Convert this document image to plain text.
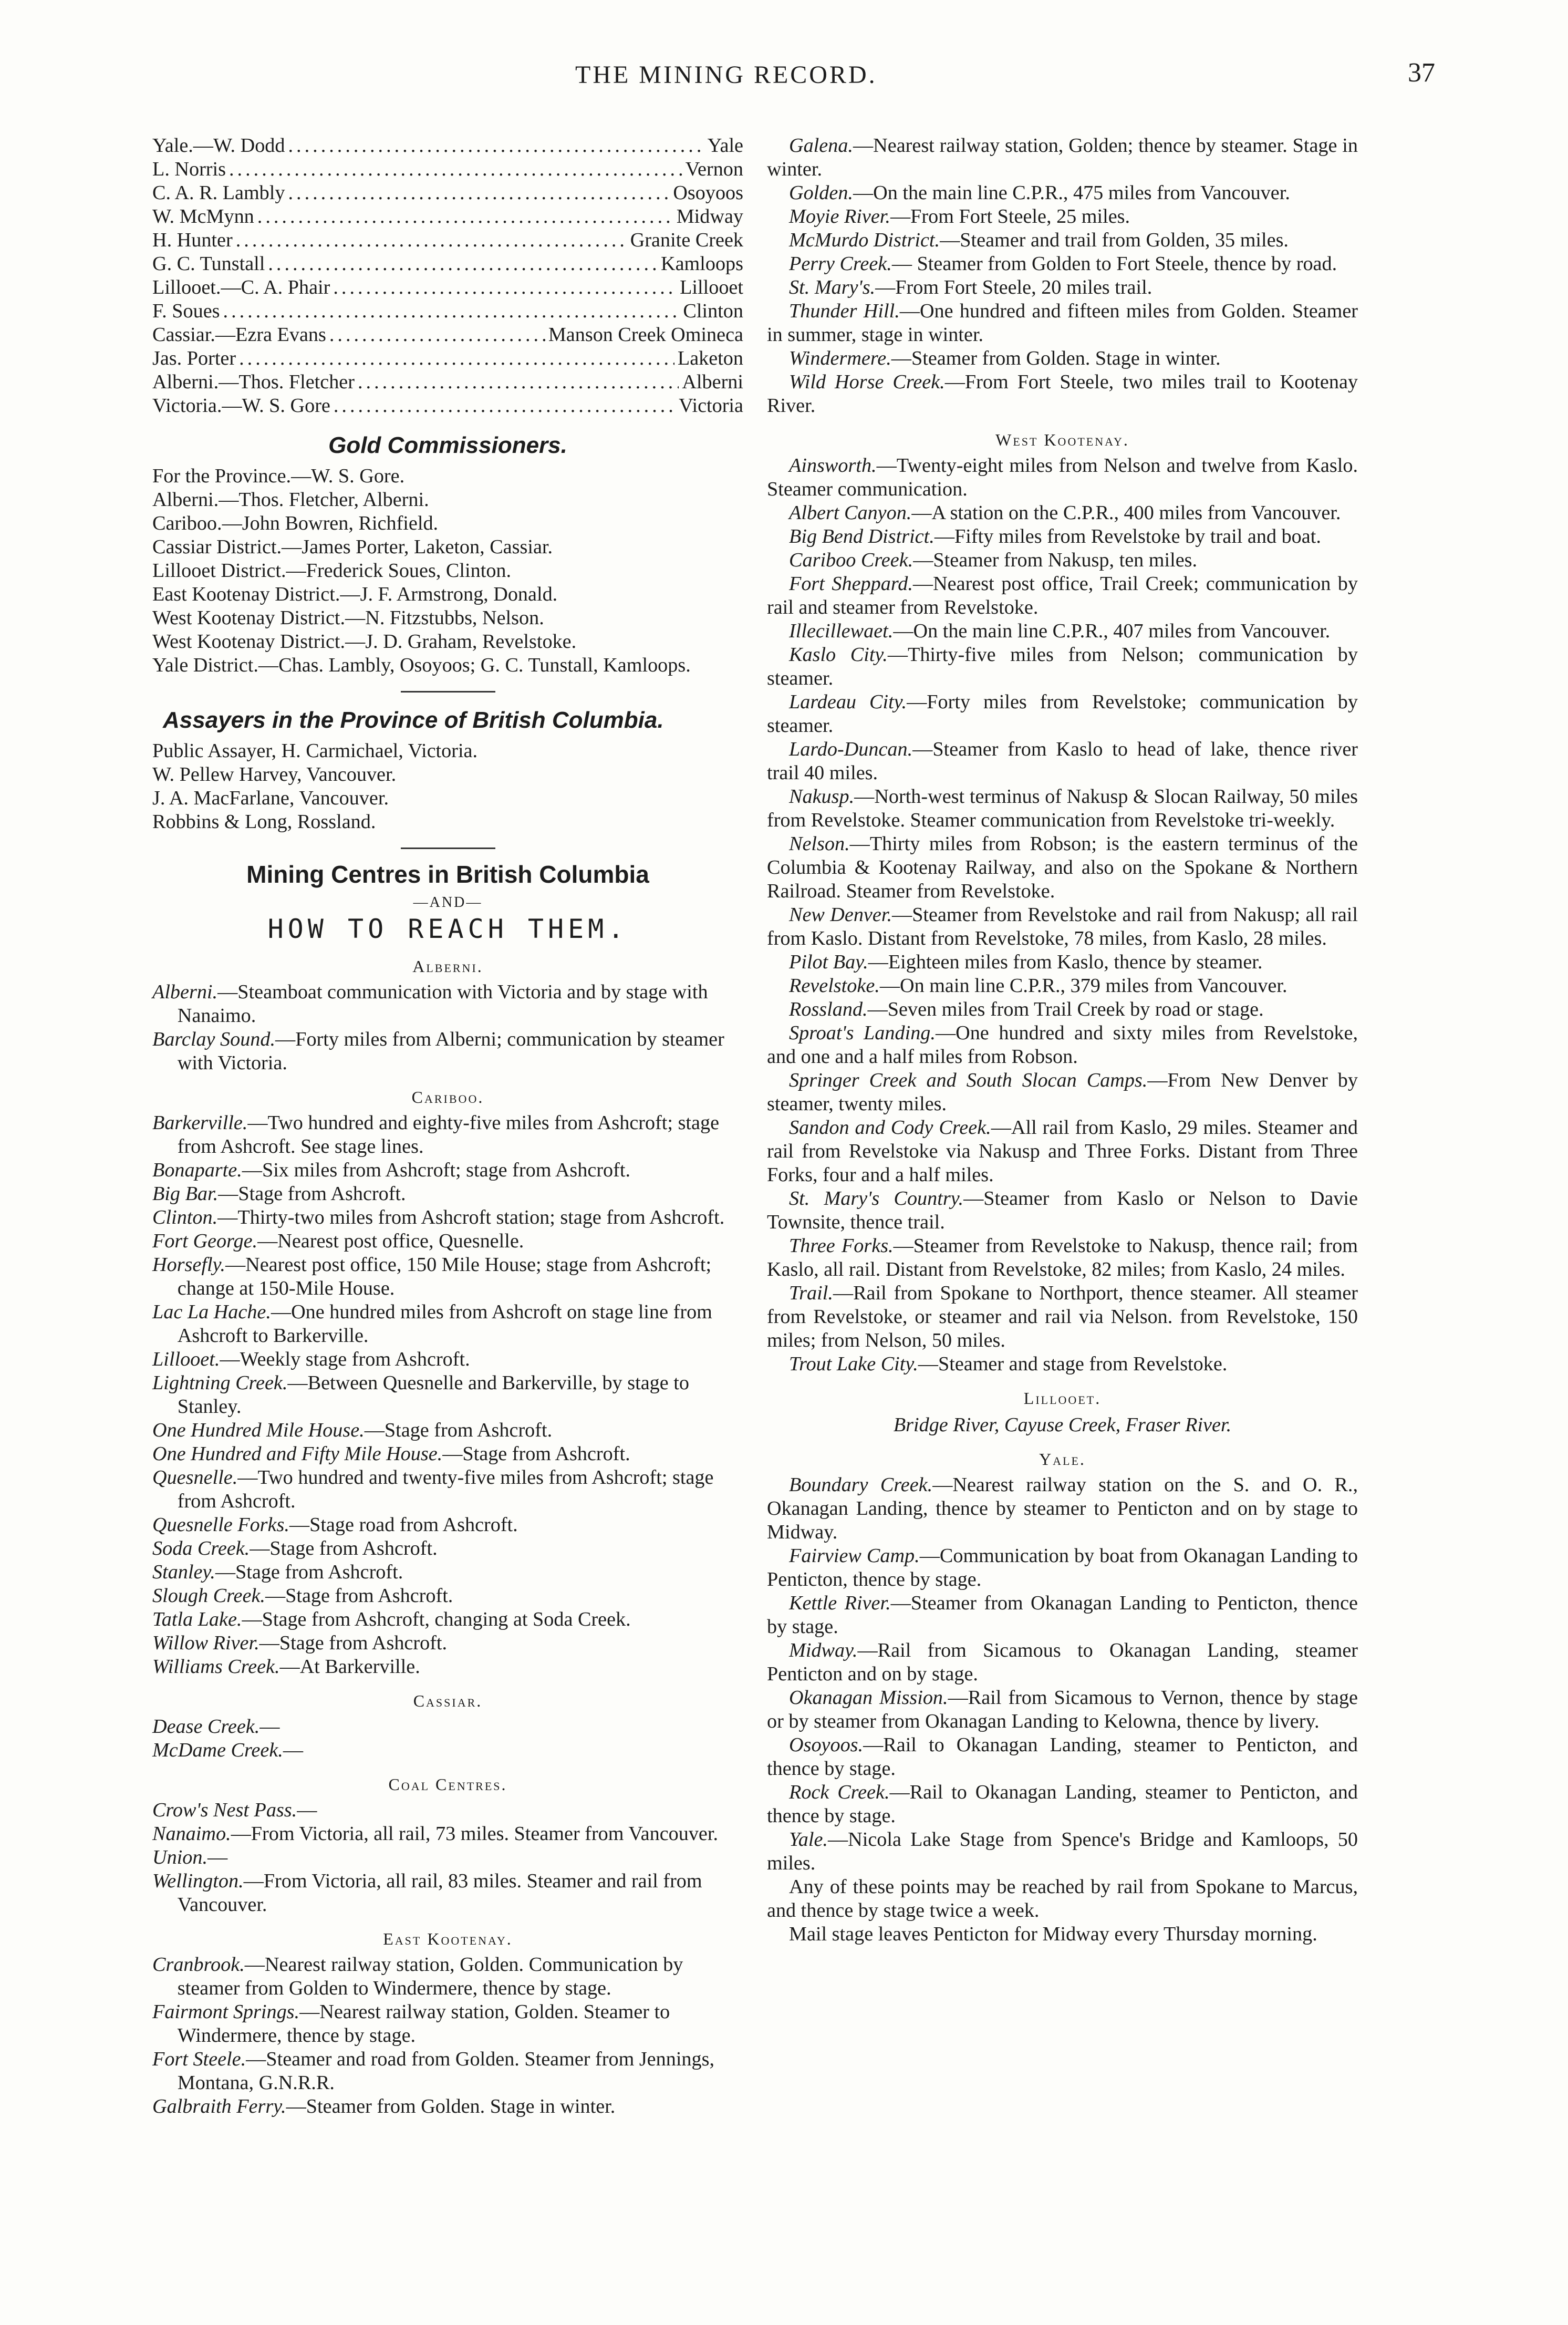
THE MINING RECORD.	37
Yale.—W. Dodd .....	Yale
L. Norris .....	Vernon
C. A. R. Lambly .....	Osoyoos
W. McMynn .....	Midway
H. Hunter .....	Granite Creek
G. C. Tunstall .....	Kamloops
Lillooet.—C. A. Phair .....	Lillooet
F. Soues .....	Clinton
Cassiar.—Ezra Evans .....	Manson Creek Omineca
Jas. Porter .....	Laketon
Alberni.—Thos. Fletcher .....	Alberni
Victoria.—W. S. Gore .....	Victoria
Gold Commissioners.

For the Province.—W. S. Gore.

Alberni.—Thos. Fletcher, Alberni.

Cariboo.—John Bowren, Richfield.

Cassiar District.—James Porter, Laketon, Cassiar.

Lillooet District.—Frederick Soues, Clinton.

East Kootenay District.—J. F. Armstrong, Donald.

West Kootenay District.—N. Fitzstubbs, Nelson.

West Kootenay District.—J. D. Graham, Revelstoke.

Yale District.—Chas. Lambly, Osoyoos; G. C. Tunstall, Kamloops.

Assayers in the Province of British Columbia.

Public Assayer, H. Carmichael, Victoria.

W. Pellew Harvey, Vancouver.

J. A. MacFarlane, Vancouver.

Robbins & Long, Rossland.

Mining Centres in British Columbia
—AND—
HOW TO REACH THEM.
Alberni.

Alberni.—Steamboat communication with Victoria and by stage with Nanaimo.

Barclay Sound.—Forty miles from Alberni; communication by steamer with Victoria.

Cariboo.

Barkerville.—Two hundred and eighty-five miles from Ashcroft; stage from Ashcroft. See stage lines.

Bonaparte.—Six miles from Ashcroft; stage from Ashcroft.

Big Bar.—Stage from Ashcroft.

Clinton.—Thirty-two miles from Ashcroft station; stage from Ashcroft.

Fort George.—Nearest post office, Quesnelle.

Horsefly.—Nearest post office, 150 Mile House; stage from Ashcroft; change at 150-Mile House.

Lac La Hache.—One hundred miles from Ashcroft on stage line from Ashcroft to Barkerville.

Lillooet.—Weekly stage from Ashcroft.

Lightning Creek.—Between Quesnelle and Barkerville, by stage to Stanley.

One Hundred Mile House.—Stage from Ashcroft.

One Hundred and Fifty Mile House.—Stage from Ashcroft.

Quesnelle.—Two hundred and twenty-five miles from Ashcroft; stage from Ashcroft.

Quesnelle Forks.—Stage road from Ashcroft.

Soda Creek.—Stage from Ashcroft.

Stanley.—Stage from Ashcroft.

Slough Creek.—Stage from Ashcroft.

Tatla Lake.—Stage from Ashcroft, changing at Soda Creek.

Willow River.—Stage from Ashcroft.

Williams Creek.—At Barkerville.

Cassiar.

Dease Creek.—

McDame Creek.—

Coal Centres.

Crow's Nest Pass.—

Nanaimo.—From Victoria, all rail, 73 miles. Steamer from Vancouver.

Union.—

Wellington.—From Victoria, all rail, 83 miles. Steamer and rail from Vancouver.

East Kootenay.

Cranbrook.—Nearest railway station, Golden. Communication by steamer from Golden to Windermere, thence by stage.

Fairmont Springs.—Nearest railway station, Golden. Steamer to Windermere, thence by stage.

Fort Steele.—Steamer and road from Golden. Steamer from Jennings, Montana, G.N.R.R.

Galbraith Ferry.—Steamer from Golden. Stage in winter.

Galena.—Nearest railway station, Golden; thence by steamer. Stage in winter.

Golden.—On the main line C.P.R., 475 miles from Vancouver.

Moyie River.—From Fort Steele, 25 miles.

McMurdo District.—Steamer and trail from Golden, 35 miles.

Perry Creek.— Steamer from Golden to Fort Steele, thence by road.

St. Mary's.—From Fort Steele, 20 miles trail.

Thunder Hill.—One hundred and fifteen miles from Golden. Steamer in summer, stage in winter.

Windermere.—Steamer from Golden. Stage in winter.

Wild Horse Creek.—From Fort Steele, two miles trail to Kootenay River.

West Kootenay.

Ainsworth.—Twenty-eight miles from Nelson and twelve from Kaslo. Steamer communication.

Albert Canyon.—A station on the C.P.R., 400 miles from Vancouver.

Big Bend District.—Fifty miles from Revelstoke by trail and boat.

Cariboo Creek.—Steamer from Nakusp, ten miles.

Fort Sheppard.—Nearest post office, Trail Creek; communication by rail and steamer from Revelstoke.

Illecillewaet.—On the main line C.P.R., 407 miles from Vancouver.

Kaslo City.—Thirty-five miles from Nelson; communication by steamer.

Lardeau City.—Forty miles from Revelstoke; communication by steamer.

Lardo-Duncan.—Steamer from Kaslo to head of lake, thence river trail 40 miles.

Nakusp.—North-west terminus of Nakusp & Slocan Railway, 50 miles from Revelstoke. Steamer communication from Revelstoke tri-weekly.

Nelson.—Thirty miles from Robson; is the eastern terminus of the Columbia & Kootenay Railway, and also on the Spokane & Northern Railroad. Steamer from Revelstoke.

New Denver.—Steamer from Revelstoke and rail from Nakusp; all rail from Kaslo. Distant from Revelstoke, 78 miles, from Kaslo, 28 miles.

Pilot Bay.—Eighteen miles from Kaslo, thence by steamer.

Revelstoke.—On main line C.P.R., 379 miles from Vancouver.

Rossland.—Seven miles from Trail Creek by road or stage.

Sproat's Landing.—One hundred and sixty miles from Revelstoke, and one and a half miles from Robson.

Springer Creek and South Slocan Camps.—From New Denver by steamer, twenty miles.

Sandon and Cody Creek.—All rail from Kaslo, 29 miles. Steamer and rail from Revelstoke via Nakusp and Three Forks. Distant from Three Forks, four and a half miles.

St. Mary's Country.—Steamer from Kaslo or Nelson to Davie Townsite, thence trail.

Three Forks.—Steamer from Revelstoke to Nakusp, thence rail; from Kaslo, all rail. Distant from Revelstoke, 82 miles; from Kaslo, 24 miles.

Trail.—Rail from Spokane to Northport, thence steamer. All steamer from Revelstoke, or steamer and rail via Nelson. from Revelstoke, 150 miles; from Nelson, 50 miles.

Trout Lake City.—Steamer and stage from Revelstoke.

Lillooet.
Bridge River, Cayuse Creek, Fraser River.
Yale.

Boundary Creek.—Nearest railway station on the S. and O. R., Okanagan Landing, thence by steamer to Penticton and on by stage to Midway.

Fairview Camp.—Communication by boat from Okanagan Landing to Penticton, thence by stage.

Kettle River.—Steamer from Okanagan Landing to Penticton, thence by stage.

Midway.—Rail from Sicamous to Okanagan Landing, steamer Penticton and on by stage.

Okanagan Mission.—Rail from Sicamous to Vernon, thence by stage or by steamer from Okanagan Landing to Kelowna, thence by livery.

Osoyoos.—Rail to Okanagan Landing, steamer to Penticton, and thence by stage.

Rock Creek.—Rail to Okanagan Landing, steamer to Penticton, and thence by stage.

Yale.—Nicola Lake Stage from Spence's Bridge and Kamloops, 50 miles.

Any of these points may be reached by rail from Spokane to Marcus, and thence by stage twice a week.

Mail stage leaves Penticton for Midway every Thursday morning.
